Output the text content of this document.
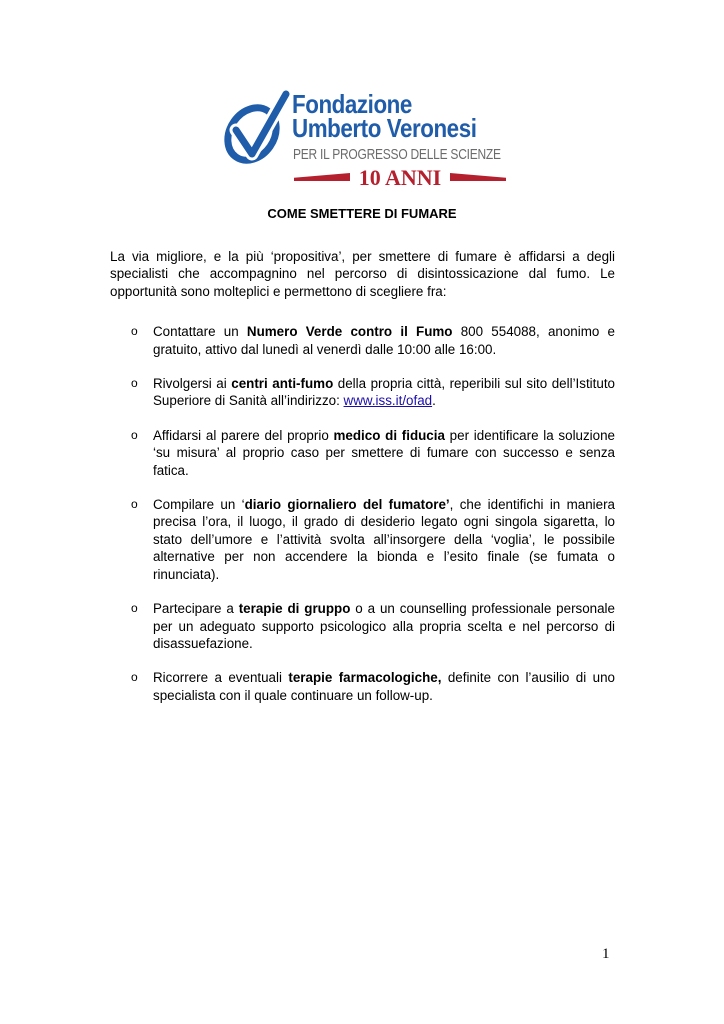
Fondazione
Umberto Veronesi
PER IL PROGRESSO DELLE SCIENZE
10 ANNI
COME SMETTERE DI FUMARE

La via migliore, e la più ‘propositiva’, per smettere di fumare è affidarsi a degli specialisti che accompagnino nel percorso di disintossicazione dal fumo. Le opportunità sono molteplici e permettono di scegliere fra:

o Contattare un Numero Verde contro il Fumo 800 554088, anonimo e gratuito, attivo dal lunedì al venerdì dalle 10:00 alle 16:00.
o Rivolgersi ai centri anti-fumo della propria città, reperibili sul sito dell’Istituto Superiore di Sanità all’indirizzo: www.iss.it/ofad.
o Affidarsi al parere del proprio medico di fiducia per identificare la soluzione ‘su misura’ al proprio caso per smettere di fumare con successo e senza fatica.
o Compilare un ‘diario giornaliero del fumatore’, che identifichi in maniera precisa l’ora, il luogo, il grado di desiderio legato ogni singola sigaretta, lo stato dell’umore e l’attività svolta all’insorgere della ‘voglia’, le possibile alternative per non accendere la bionda e l’esito finale (se fumata o rinunciata).
o Partecipare a terapie di gruppo o a un counselling professionale personale per un adeguato supporto psicologico alla propria scelta e nel percorso di disassuefazione.
o Ricorrere a eventuali terapie farmacologiche, definite con l’ausilio di uno specialista con il quale continuare un follow-up.
1
